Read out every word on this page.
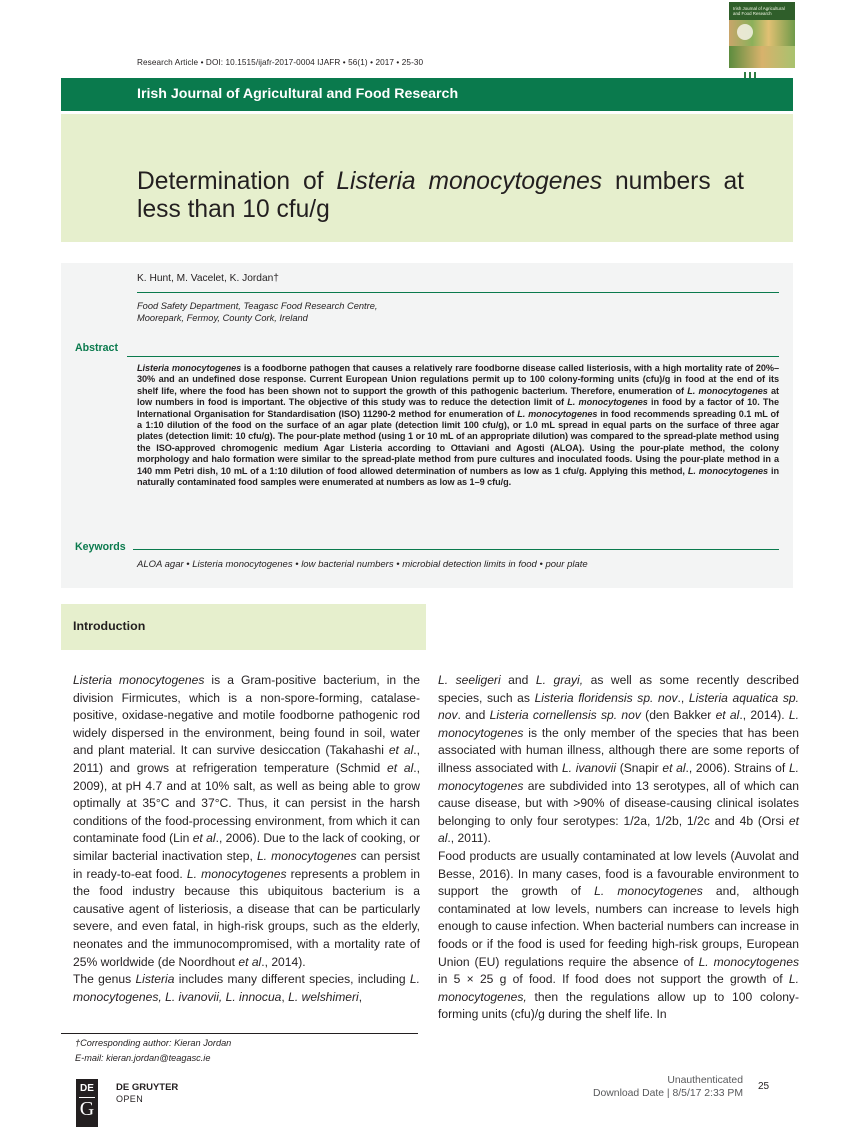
Irish Journal of Agricultural and Food Research
Research Article • DOI: 10.1515/ijafr-2017-0004 IJAFR • 56(1) • 2017 • 25-30
Irish Journal of Agricultural and Food Research
Determination of Listeria monocytogenes numbers at less than 10 cfu/g
K. Hunt, M. Vacelet, K. Jordan†
Food Safety Department, Teagasc Food Research Centre,
Moorepark, Fermoy, County Cork, Ireland
Abstract
Listeria monocytogenes is a foodborne pathogen that causes a relatively rare foodborne disease called listeriosis, with a high mortality rate of 20%–30% and an undefined dose response. Current European Union regulations permit up to 100 colony-forming units (cfu)/g in food at the end of its shelf life, where the food has been shown not to support the growth of this pathogenic bacterium. Therefore, enumeration of L. monocytogenes at low numbers in food is important. The objective of this study was to reduce the detection limit of L. monocytogenes in food by a factor of 10. The International Organisation for Standardisation (ISO) 11290-2 method for enumeration of L. monocytogenes in food recommends spreading 0.1 mL of a 1:10 dilution of the food on the surface of an agar plate (detection limit 100 cfu/g), or 1.0 mL spread in equal parts on the surface of three agar plates (detection limit: 10 cfu/g). The pour-plate method (using 1 or 10 mL of an appropriate dilution) was compared to the spread-plate method using the ISO-approved chromogenic medium Agar Listeria according to Ottaviani and Agosti (ALOA). Using the pour-plate method, the colony morphology and halo formation were similar to the spread-plate method from pure cultures and inoculated foods. Using the pour-plate method in a 140 mm Petri dish, 10 mL of a 1:10 dilution of food allowed determination of numbers as low as 1 cfu/g. Applying this method, L. monocytogenes in naturally contaminated food samples were enumerated at numbers as low as 1–9 cfu/g.
Keywords
ALOA agar • Listeria monocytogenes • low bacterial numbers • microbial detection limits in food • pour plate
Introduction

Listeria monocytogenes is a Gram-positive bacterium, in the division Firmicutes, which is a non-spore-forming, catalase-positive, oxidase-negative and motile foodborne pathogenic rod widely dispersed in the environment, being found in soil, water and plant material. It can survive desiccation (Takahashi et al., 2011) and grows at refrigeration temperature (Schmid et al., 2009), at pH 4.7 and at 10% salt, as well as being able to grow optimally at 35°C and 37°C. Thus, it can persist in the harsh conditions of the food-processing environment, from which it can contaminate food (Lin et al., 2006). Due to the lack of cooking, or similar bacterial inactivation step, L. monocytogenes can persist in ready-to-eat food. L. monocytogenes represents a problem in the food industry because this ubiquitous bacterium is a causative agent of listeriosis, a disease that can be particularly severe, and even fatal, in high-risk groups, such as the elderly, neonates and the immunocompromised, with a mortality rate of 25% worldwide (de Noordhout et al., 2014).

The genus Listeria includes many different species, including L. monocytogenes, L. ivanovii, L. innocua, L. welshimeri,

L. seeligeri and L. grayi, as well as some recently described species, such as Listeria floridensis sp. nov., Listeria aquatica sp. nov. and Listeria cornellensis sp. nov (den Bakker et al., 2014). L. monocytogenes is the only member of the species that has been associated with human illness, although there are some reports of illness associated with L. ivanovii (Snapir et al., 2006). Strains of L. monocytogenes are subdivided into 13 serotypes, all of which can cause disease, but with >90% of disease-causing clinical isolates belonging to only four serotypes: 1/2a, 1/2b, 1/2c and 4b (Orsi et al., 2011).

Food products are usually contaminated at low levels (Auvolat and Besse, 2016). In many cases, food is a favourable environment to support the growth of L. monocytogenes and, although contaminated at low levels, numbers can increase to levels high enough to cause infection. When bacterial numbers can increase in foods or if the food is used for feeding high-risk groups, European Union (EU) regulations require the absence of L. monocytogenes in 5 × 25 g of food. If food does not support the growth of L. monocytogenes, then the regulations allow up to 100 colony-forming units (cfu)/g during the shelf life. In

†Corresponding author: Kieran Jordan
E-mail: kieran.jordan@teagasc.ie
DE
G
DE GRUYTER
OPEN
Unauthenticated
Download Date | 8/5/17 2:33 PM
25
